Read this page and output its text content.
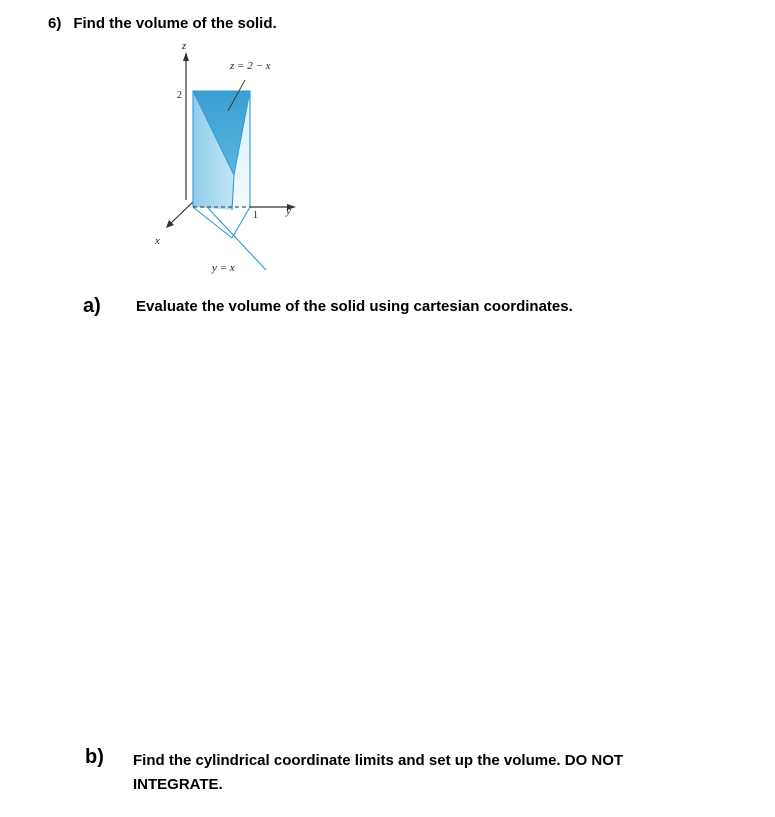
6) Find the volume of the solid.
z
2
x
y
1
z = 2 − x
y = x
a) Evaluate the volume of the solid using cartesian coordinates.
b) Find the cylindrical coordinate limits and set up the volume. DO NOT INTEGRATE.
